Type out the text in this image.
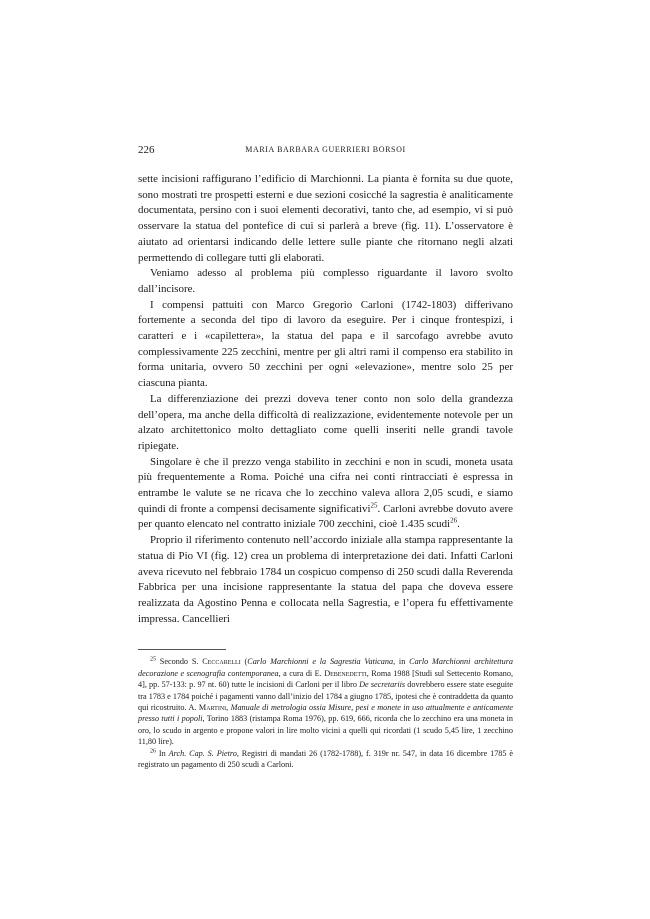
226	MARIA BARBARA GUERRIERI BORSOI

sette incisioni raffigurano l’edificio di Marchionni. La pianta è fornita su due quote, sono mostrati tre prospetti esterni e due sezioni cosicché la sagrestia è analiticamente documentata, persino con i suoi elementi decorativi, tanto che, ad esempio, vi si può osservare la statua del pontefice di cui si parlerà a breve (fig. 11). L’osservatore è aiutato ad orientarsi indicando delle lettere sulle piante che ritornano negli alzati permettendo di collegare tutti gli elaborati.

Veniamo adesso al problema più complesso riguardante il lavoro svolto dall’incisore.

I compensi pattuiti con Marco Gregorio Carloni (1742-1803) differivano fortemente a seconda del tipo di lavoro da eseguire. Per i cinque frontespizi, i caratteri e i «capilettera», la statua del papa e il sarcofago avrebbe avuto complessivamente 225 zecchini, mentre per gli altri rami il compenso era stabilito in forma unitaria, ovvero 50 zecchini per ogni «elevazione», mentre solo 25 per ciascuna pianta.

La differenziazione dei prezzi doveva tener conto non solo della grandezza dell’opera, ma anche della difficoltà di realizzazione, evidentemente notevole per un alzato architettonico molto dettagliato come quelli inseriti nelle grandi tavole ripiegate.

Singolare è che il prezzo venga stabilito in zecchini e non in scudi, moneta usata più frequentemente a Roma. Poiché una cifra nei conti rintracciati è espressa in entrambe le valute se ne ricava che lo zecchino valeva allora 2,05 scudi, e siamo quindi di fronte a compensi decisamente significativi$^{25}$. Carloni avrebbe dovuto avere per quanto elencato nel contratto iniziale 700 zecchini, cioè 1.435 scudi$^{26}$.

Proprio il riferimento contenuto nell’accordo iniziale alla stampa rappresentante la statua di Pio VI (fig. 12) crea un problema di interpretazione dei dati. Infatti Carloni aveva ricevuto nel febbraio 1784 un cospicuo compenso di 250 scudi dalla Reverenda Fabbrica per una incisione rappresentante la statua del papa che doveva essere realizzata da Agostino Penna e collocata nella Sagrestia, e l’opera fu effettivamente impressa. Cancellieri

$^{25}$ Secondo S. Ceccarelli (Carlo Marchionni e la Sagrestia Vaticana, in Carlo Marchionni architettura decorazione e scenografia contemporanea, a cura di E. Debenedetti, Roma 1988 [Studi sul Settecento Romano, 4], pp. 57-133: p. 97 nt. 60) tutte le incisioni di Carloni per il libro De secretariis dovrebbero essere state eseguite tra 1783 e 1784 poiché i pagamenti vanno dall’inizio del 1784 a giugno 1785, ipotesi che è contraddetta da quanto qui ricostruito. A. Martini, Manuale di metrologia ossia Misure, pesi e monete in uso attualmente e anticamente presso tutti i popoli, Torino 1883 (ristampa Roma 1976), pp. 619, 666, ricorda che lo zecchino era una moneta in oro, lo scudo in argento e propone valori in lire molto vicini a quelli qui ricordati (1 scudo 5,45 lire, 1 zecchino 11,80 lire).

$^{26}$ In Arch. Cap. S. Pietro, Registri di mandati 26 (1782-1788), f. 319r nr. 547, in data 16 dicembre 1785 è registrato un pagamento di 250 scudi a Carloni.
